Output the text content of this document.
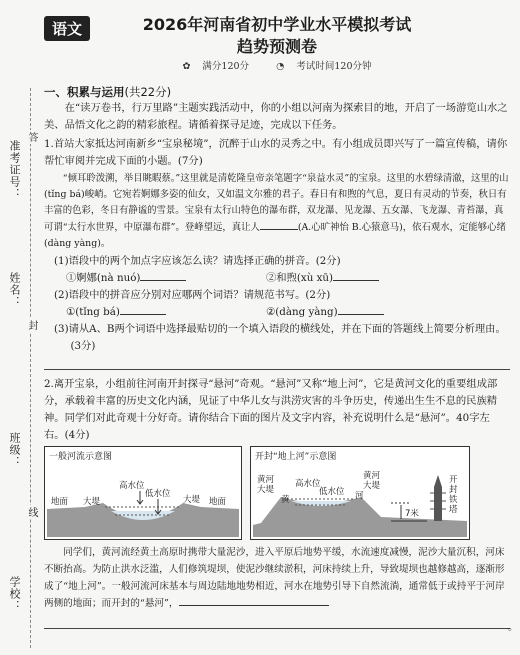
准考证号：
姓名：
班级：
学校：
答
封
线
语文	2026年河南省初中学业水平模拟考试
趋势预测卷
✿ 满分120分	◔ 考试时间120分钟
一、积累与运用(共22分)

在“读万卷书，行万里路”主题实践活动中，你的小组以河南为探索目的地，开启了一场游览山水之美、品悟文化之韵的精彩旅程。请循着探寻足迹，完成以下任务。

1.首站大家抵达河南新乡“宝泉秘境”，沉醉于山水的灵秀之中。有小组成员即兴写了一篇宣传稿，请你帮忙审阅并完成下面的小题。(7分)

“倾耳聆泼溯，举目眺暇蔡。”这里就是清乾隆皇帝亲笔题字“泉益水灵”的宝泉。这里的水碧绿清澈，这里的山(tǐng bá)峻峭。它宛若婀娜多姿的仙女，又如温文尔雅的君子。春日有和煦的气息，夏日有灵动的节奏，秋日有丰富的色彩，冬日有静谧的雪景。宝泉有太行山特色的瀑布群，双龙瀑、见龙瀑、五女瀑、飞龙瀑、青苔瀑，真可谓“太行水世界，中原瀑布群”。登峰望远，真让人	(A.心旷神怡 B.心猿意马)，依石观水，定能够心绪(dàng yàng)。

(1)语段中的两个加点字应该怎么读？请选择正确的拼音。(2分)

①婀娜(nà nuó)	②和煦(xù xū)

(2)语段中的拼音应分别对应哪两个词语？请规范书写。(2分)

①(tǐng bá)	②(dàng yàng)

(3)请从A、B两个词语中选择最贴切的一个填入语段的横线处，并在下面的答题线上简要分析理由。(3分)

2.离开宝泉，小组前往河南开封探寻“悬河”奇观。“悬河”又称“地上河”，它是黄河文化的重要组成部分，承载着丰富的历史文化内涵，见证了中华儿女与洪涝灾害的斗争历史，传递出生生不息的民族精神。同学们对此奇观十分好奇。请你结合下面的图片及文字内容，补充说明什么是“悬河”。40字左右。(4分)

一般河流示意图
地面 大堤
高水位
低水位
大堤 地面
开封“地上河”示意图
黄河大堤
黄
高水位
低水位 河
黄河大堤
开封铁塔
7米

同学们，黄河流经黄土高原时携带大量泥沙，进入平原后地势平缓，水流速度减慢，泥沙大量沉积，河床不断抬高。为防止洪水泛滥，人们修筑堤坝，使泥沙继续淤积，河床持续上升，导致堤坝也越修越高，逐渐形成了“地上河”。一般河流河床基本与周边陆地地势相近，河水在地势引导下自然流淌，通常低于或持平于河岸两侧的地面；而开封的“悬河”，

。
